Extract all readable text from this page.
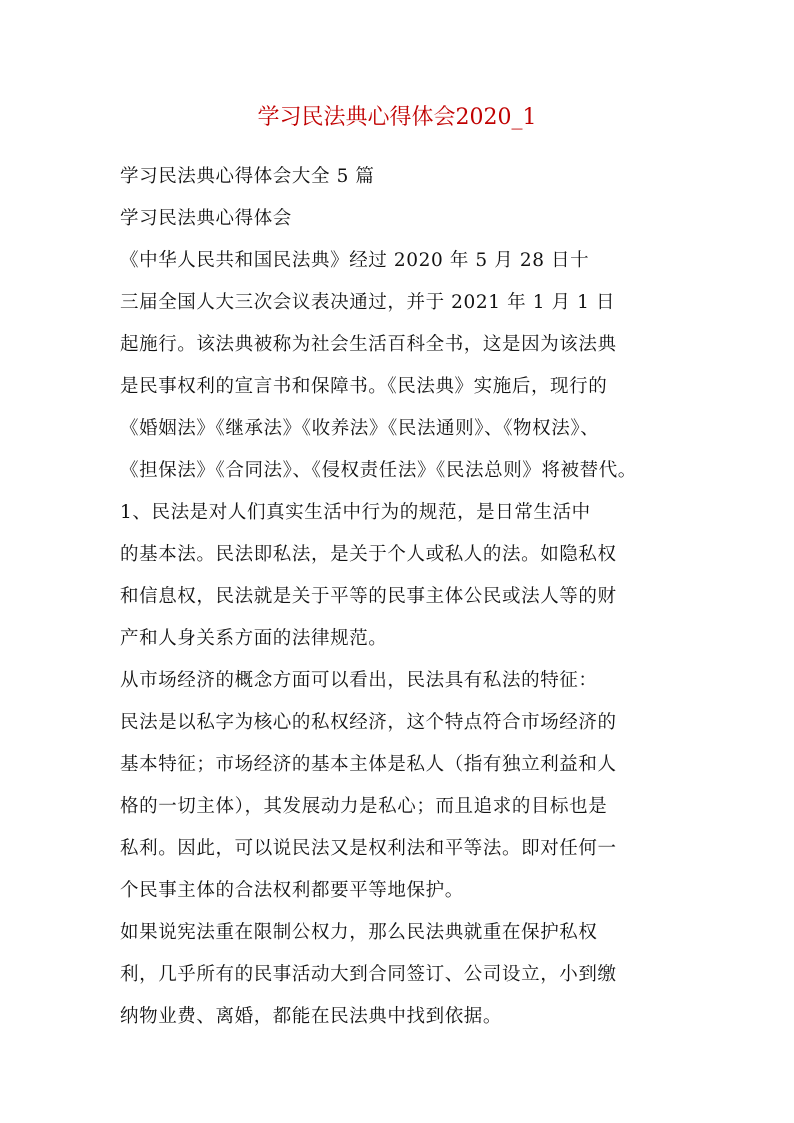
学习民法典心得体会2020_1

学习民法典心得体会大全 5 篇

学习民法典心得体会

《中华人民共和国民法典》经过 2020 年 5 月 28 日十

三届全国人大三次会议表决通过，并于 2021 年 1 月 1 日

起施行。该法典被称为社会生活百科全书，这是因为该法典

是民事权利的宣言书和保障书。《民法典》实施后，现行的

《婚姻法》《继承法》《收养法》《民法通则》、《物权法》、

《担保法》《合同法》、《侵权责任法》《民法总则》将被替代。

1、民法是对人们真实生活中行为的规范，是日常生活中

的基本法。民法即私法，是关于个人或私人的法。如隐私权

和信息权，民法就是关于平等的民事主体公民或法人等的财

产和人身关系方面的法律规范。

从市场经济的概念方面可以看出，民法具有私法的特征：

民法是以私字为核心的私权经济，这个特点符合市场经济的

基本特征；市场经济的基本主体是私人（指有独立利益和人

格的一切主体），其发展动力是私心；而且追求的目标也是

私利。因此，可以说民法又是权利法和平等法。即对任何一

个民事主体的合法权利都要平等地保护。

如果说宪法重在限制公权力，那么民法典就重在保护私权

利，几乎所有的民事活动大到合同签订、公司设立，小到缴

纳物业费、离婚，都能在民法典中找到依据。
